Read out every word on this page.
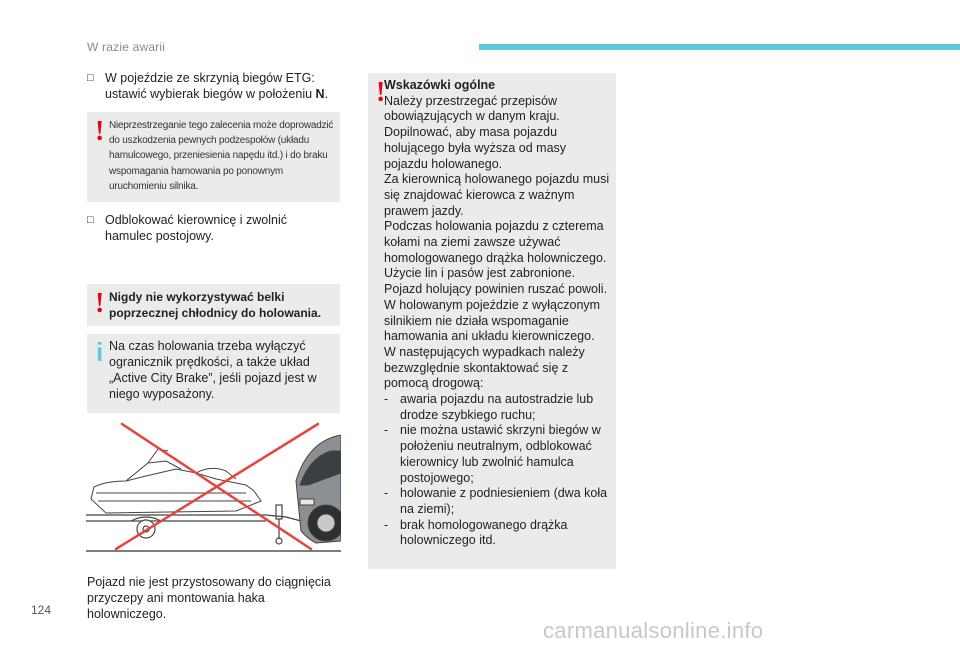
W razie awarii
□ W pojeździe ze skrzynią biegów ETG: ustawić wybierak biegów w położeniu N.
! Nieprzestrzeganie tego zalecenia może doprowadzić do uszkodzenia pewnych podzespołów (układu hamulcowego, przeniesienia napędu itd.) i do braku wspomagania hamowania po ponownym uruchomieniu silnika.
□ Odblokować kierownicę i zwolnić hamulec postojowy.
! Nigdy nie wykorzystywać belki poprzecznej chłodnicy do holowania.
i Na czas holowania trzeba wyłączyć ogranicznik prędkości, a także układ „Active City Brake”, jeśli pojazd jest w niego wyposażony.
Pojazd nie jest przystosowany do ciągnięcia przyczepy ani montowania haka holowniczego.
!
Wskazówki ogólne
Należy przestrzegać przepisów obowiązujących w danym kraju.
Dopilnować, aby masa pojazdu holującego była wyższa od masy pojazdu holowanego.
Za kierownicą holowanego pojazdu musi się znajdować kierowca z ważnym prawem jazdy.
Podczas holowania pojazdu z czterema kołami na ziemi zawsze używać homologowanego drążka holowniczego.
Użycie lin i pasów jest zabronione.
Pojazd holujący powinien ruszać powoli.
W holowanym pojeździe z wyłączonym silnikiem nie działa wspomaganie hamowania ani układu kierowniczego.
W następujących wypadkach należy bezwzględnie skontaktować się z pomocą drogową:
- awaria pojazdu na autostradzie lub drodze szybkiego ruchu;
- nie można ustawić skrzyni biegów w położeniu neutralnym, odblokować kierownicy lub zwolnić hamulca postojowego;
- holowanie z podniesieniem (dwa koła na ziemi);
- brak homologowanego drążka holowniczego itd.
124
carmanualsonline.info
